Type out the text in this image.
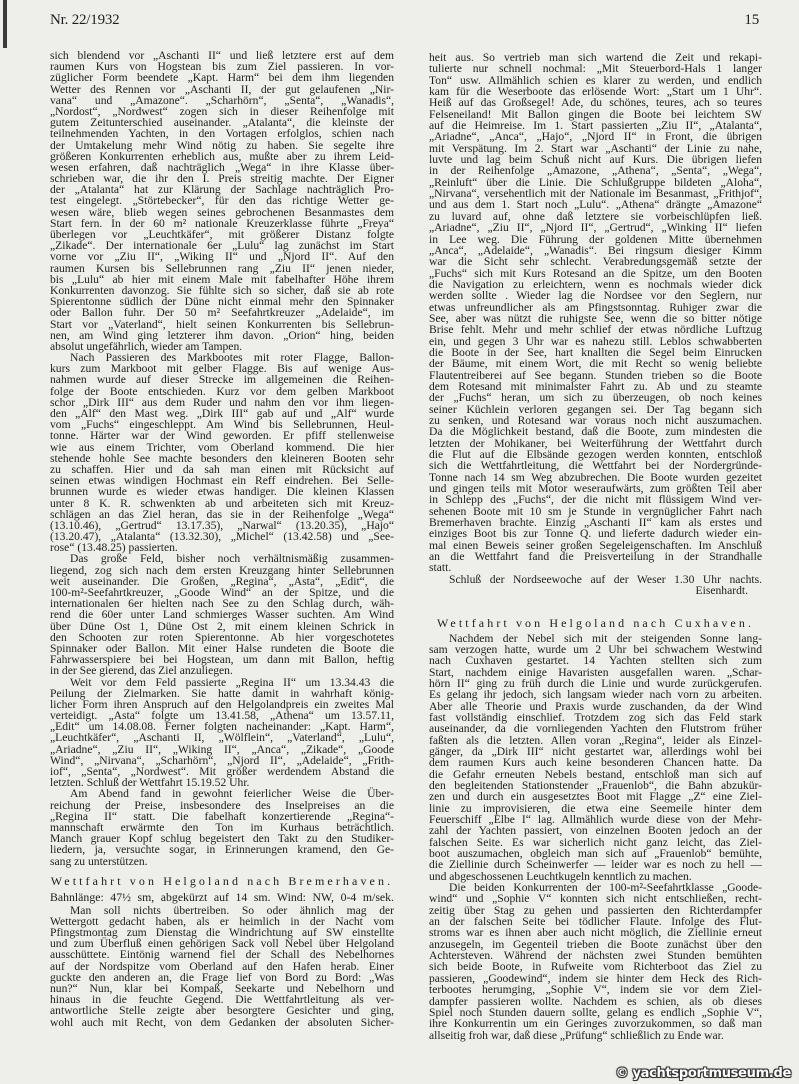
Nr. 22/1932	15
sich blendend vor „Aschanti II“ und ließ letztere erst auf dem
raumen Kurs von Hogstean bis zum Ziel passieren. In vor-
züglicher Form beendete „Kapt. Harm“ bei dem ihm liegenden
Wetter des Rennen vor „Aschanti II, der gut gelaufenen „Nir-
vana“ und „Amazone“. „Scharhörn“, „Senta“, „Wanadis“,
„Nordost“, „Nordwest“ zogen sich in dieser Reihenfolge mit
gutem Zeitunterschied auseinander. „Atalanta“, die kleinste der
teilnehmenden Yachten, in den Vortagen erfolglos, schien nach
der Umtakelung mehr Wind nötig zu haben. Sie segelte ihre
größeren Konkurrenten erheblich aus, mußte aber zu ihrem Leid-
wesen erfahren, daß nachträglich „Wega“ in ihre Klasse über-
schrieben war, die ihr den I. Preis streitig machte. Der Eigner
der „Atalanta“ hat zur Klärung der Sachlage nachträglich Pro-
test eingelegt. „Störtebecker“, für den das richtige Wetter ge-
wesen wäre, blieb wegen seines gebrochenen Besanmastes dem
Start fern. In der 60 m² nationale Kreuzerklasse führte „Freya“
überlegen vor „Leuchtkäfer“, mit größerer Distanz folgte
„Zikade“. Der internationale 6er „Lulu“ lag zunächst im Start
vorne vor „Ziu II“, „Wiking II“ und „Njord II“. Auf den
raumen Kursen bis Sellebrunnen rang „Ziu II“ jenen nieder,
bis „Lulu“ ab hier mit einem Male mit fabelhafter Höhe ihrem
Konkurrenten davonzog. Sie fühlte sich so sicher, daß sie ab rote
Spierentonne südlich der Düne nicht einmal mehr den Spinnaker
oder Ballon fuhr. Der 50 m² Seefahrtkreuzer „Adelaide“, im
Start vor „Vaterland“, hielt seinen Konkurrenten bis Sellebrun-
nen, am Wind ging letzterer ihm davon. „Orion“ hing, beiden
absolut ungefährlich, wieder am Tampen.
Nach Passieren des Markbootes mit roter Flagge, Ballon-
kurs zum Markboot mit gelber Flagge. Bis auf wenige Aus-
nahmen wurde auf dieser Strecke im allgemeinen die Reihen-
folge der Boote entschieden. Kurz vor dem gelben Markboot
schor „Dirk III“ aus dem Ruder und nahm den vor ihm liegen-
den „Alf“ den Mast weg. „Dirk III“ gab auf und „Alf“ wurde
vom „Fuchs“ eingeschleppt. Am Wind bis Sellebrunnen, Heul-
tonne. Härter war der Wind geworden. Er pfiff stellenweise
wie aus einem Trichter, vom Oberland kommend. Die hier
stehende hohle See machte besonders den kleineren Booten sehr
zu schaffen. Hier und da sah man einen mit Rücksicht auf
seinen etwas windigen Hochmast ein Reff eindrehen. Bei Selle-
brunnen wurde es wieder etwas handiger. Die kleinen Klassen
unter 8 K. R. schwenkten ab und arbeiteten sich mit Kreuz-
schlägen an das Ziel heran, das sie in der Reihenfolge „Wega“
(13.10.46), „Gertrud“ 13.17.35), „Narwal“ (13.20.35), „Hajo“
(13.20.47), „Atalanta“ (13.32.30), „Michel“ (13.42.58) und „See-
rose“ (13.48.25) passierten.
Das große Feld, bisher noch verhältnismäßig zusammen-
liegend, zog sich nach dem ersten Kreuzgang hinter Sellebrunnen
weit auseinander. Die Großen, „Regina“, „Asta“, „Edit“, die
100-m²-Seefahrtkreuzer, „Goode Wind“ an der Spitze, und die
internationalen 6er hielten nach See zu den Schlag durch, wäh-
rend die 60er unter Land schmierges Wasser suchten. Am Wind
über Düne Ost 1, Düne Ost 2, mit einem kleinen Schrick in
den Schooten zur roten Spierentonne. Ab hier vorgeschotetes
Spinnaker oder Ballon. Mit einer Halse rundeten die Boote die
Fahrwasserspiere bei bei Hogstean, um dann mit Ballon, heftig
in der See gierend, das Ziel anzuliegen.
Weit vor dem Feld passierte „Regina II“ um 13.34.43 die
Peilung der Zielmarken. Sie hatte damit in wahrhaft könig-
licher Form ihren Anspruch auf den Helgolandpreis ein zweites Mal
verteidigt. „Asta“ folgte um 13.41.58, „Athena“ um 13.57.11,
„Edit“ um 14.08.08. Ferner folgten nacheinander: „Kapt. Harm“,
„Leuchtkäfer“, „Aschanti II, „Wölflein“, „Vaterland“, „Lulu“,
„Ariadne“, „Ziu II“, „Wiking II“, „Anca“, „Zikade“, „Goode
Wind“, „Nirvana“, „Scharhörn“, „Njord II“, „Adelaide“, „Frith-
iof“, „Senta“, „Nordwest“. Mit größer werdendem Abstand die
letzten. Schluß der Wettfahrt 15.19.52 Uhr.
Am Abend fand in gewohnt feierlicher Weise die Über-
reichung der Preise, insbesondere des Inselpreises an die
„Regina II“ statt. Die fabelhaft konzertierende „Regina“-
mannschaft erwärmte den Ton im Kurhaus beträchtlich.
Manch grauer Kopf schlug begeistert den Takt zu den Studiker-
liedern, ja, versuchte sogar, in Erinnerungen kramend, den Ge-
sang zu unterstützen.
Wettfahrt von Helgoland nach Bremerhaven.
Bahnlänge: 47½ sm, abgekürzt auf 14 sm. Wind: NW, 0-4 m/sek.
Man soll nichts übertreiben. So oder ähnlich mag der
Wettergott gedacht haben, als er heimlich in der Nacht vom
Pfingstmontag zum Dienstag die Windrichtung auf SW einstellte
und zum Überfluß einen gehörigen Sack voll Nebel über Helgoland
ausschüttete. Eintönig warnend fiel der Schall des Nebelhornes
auf der Nordspitze vom Oberland auf den Hafen herab. Einer
guckte den anderen an, die Frage lief von Bord zu Bord: „Was
nun?“ Nun, klar bei Kompaß, Seekarte und Nebelhorn und
hinaus in die feuchte Gegend. Die Wettfahrtleitung als ver-
antwortliche Stelle zeigte aber besorgtere Gesichter und ging,
wohl auch mit Recht, von dem Gedanken der absoluten Sicher-
heit aus. So vertrieb man sich wartend die Zeit und rekapi-
tulierte nur schnell nochmal: „Mit Steuerbord-Hals 1 langer
Ton“ usw. Allmählich schien es klarer zu werden, und endlich
kam für die Weserboote das erlösende Wort: „Start um 1 Uhr“.
Heiß auf das Großsegel! Ade, du schönes, teures, ach so teures
Felseneiland! Mit Ballon gingen die Boote bei leichtem SW
auf die Heimreise. Im 1. Start passierten „Ziu II“, „Atalanta“,
„Ariadne“, „Anca“, „Hajo“, „Njord II“ in Front, die übrigen
mit Verspätung. Im 2. Start war „Aschanti“ der Linie zu nahe,
luvte und lag beim Schuß nicht auf Kurs. Die übrigen liefen
in der Reihenfolge „Amazone, „Athena“, „Senta“, „Wega“,
„Reinluft“ über die Linie. Die Schlußgruppe bildeten „Aloha“,
„Nirvana“, versehentlich mit der Nationale im Besanmast, „Frithjof“,
und aus dem 1. Start noch „Lulu“. „Athena“ drängte „Amazone“
zu luvard auf, ohne daß letztere sie vorbeischlüpfen ließ.
„Ariadne“, „Ziu II“, „Njord II“, „Gertrud“, „Winking II“ liefen
in Lee weg. Die Führung der goldenen Mitte übernehmen
„Anca“, „Adelaide“, „Wanadis“. Bei ringsum diesiger Kimm
war die Sicht sehr schlecht. Verabredungsgemäß setzte der
„Fuchs“ sich mit Kurs Rotesand an die Spitze, um den Booten
die Navigation zu erleichtern, wenn es nochmals wieder dick
werden sollte . Wieder lag die Nordsee vor den Seglern, nur
etwas unfreundlicher als am Pfingstsonntag. Ruhiger zwar die
See, aber was nützt die ruhigste See, wenn die so bitter nötige
Brise fehlt. Mehr und mehr schlief der etwas nördliche Luftzug
ein, und gegen 3 Uhr war es nahezu still. Leblos schwabberten
die Boote in der See, hart knallten die Segel beim Einrucken
der Bäume, mit einem Wort, die mit Recht so wenig beliebte
Flautentreiberei auf See begann. Stunden trieben so die Boote
dem Rotesand mit minimalster Fahrt zu. Ab und zu steamte
der „Fuchs“ heran, um sich zu überzeugen, ob noch keines
seiner Küchlein verloren gegangen sei. Der Tag begann sich
zu senken, und Rotesand war voraus noch nicht auszumachen.
Da die Möglichkeit bestand, daß die Boote, zum mindesten die
letzten der Mohikaner, bei Weiterführung der Wettfahrt durch
die Flut auf die Elbsände gezogen werden konnten, entschloß
sich die Wettfahrtleitung, die Wettfahrt bei der Nordergründe-
Tonne nach 14 sm Weg abzubrechen. Die Boote wurden gezeitet
und gingen teils mit Motor weseraufwärts, zum größten Teil aber
in Schlepp des „Fuchs“, der die nicht mit flüssigem Wind ver-
sehenen Boote mit 10 sm je Stunde in vergnüglicher Fahrt nach
Bremerhaven brachte. Einzig „Aschanti II“ kam als erstes und
einziges Boot bis zur Tonne Q. und lieferte dadurch wieder ein-
mal einen Beweis seiner großen Segeleigenschaften. Im Anschluß
an die Wettfahrt fand die Preisverteilung in der Strandhalle
statt.
Schluß der Nordseewoche auf der Weser 1.30 Uhr nachts.
Eisenhardt.
Wettfahrt von Helgoland nach Cuxhaven.
Nachdem der Nebel sich mit der steigenden Sonne lang-
sam verzogen hatte, wurde um 2 Uhr bei schwachem Westwind
nach Cuxhaven gestartet. 14 Yachten stellten sich zum
Start, nachdem einige Havaristen ausgefallen waren. „Schar-
hörn II“ ging zu früh durch die Linie und wurde zurückgerufen.
Es gelang ihr jedoch, sich langsam wieder nach vorn zu arbeiten.
Aber alle Theorie und Praxis wurde zuschanden, da der Wind
fast vollständig einschlief. Trotzdem zog sich das Feld stark
auseinander, da die vornliegenden Yachten den Flutstrom früher
faßten als die letzten. Allen voran „Regina“, leider als Einzel-
gänger, da „Dirk III“ nicht gestartet war, allerdings wohl bei
dem raumen Kurs auch keine besonderen Chancen hatte. Da
die Gefahr erneuten Nebels bestand, entschloß man sich auf
den begleitenden Stationstender „Frauenlob“, die Bahn abzukür-
zen und durch ein ausgesetztes Boot mit Flagge „Z“ eine Ziel-
linie zu improvisieren, die etwa eine Seemeile hinter dem
Feuerschiff „Elbe I“ lag. Allmählich wurde diese von der Mehr-
zahl der Yachten passiert, von einzelnen Booten jedoch an der
falschen Seite. Es war sicherlich nicht ganz leicht, das Ziel-
boot auszumachen, obgleich man sich auf „Frauenlob“ bemühte,
die Ziellinie durch Scheinwerfer — leider war es noch zu hell —
und abgeschossenen Leuchtkugeln kenntlich zu machen.
Die beiden Konkurrenten der 100-m²-Seefahrtklasse „Goode-
wind“ und „Sophie V“ konnten sich nicht entschließen, recht-
zeitig über Stag zu gehen und passierten den Richterdampfer
an der falschen Seite bei tödlicher Flaute. Infolge des Flut-
stroms war es ihnen aber auch nicht möglich, die Ziellinie erneut
anzusegeln, im Gegenteil trieben die Boote zunächst über den
Achtersteven. Während der nächsten zwei Stunden bemühten
sich beide Boote, in Rufweite vom Richterboot das Ziel zu
passieren, „Goodewind“, indem sie hinter dem Heck des Rich-
terbootes herumging, „Sophie V“, indem sie vor dem Ziel-
dampfer passieren wollte. Nachdem es schien, als ob dieses
Spiel noch Stunden dauern sollte, gelang es endlich „Sophie V“,
ihre Konkurrentin um ein Geringes zuvorzukommen, so daß man
allseitig froh war, daß diese „Prüfung“ schließlich zu Ende war.
© yachtsportmuseum.de
